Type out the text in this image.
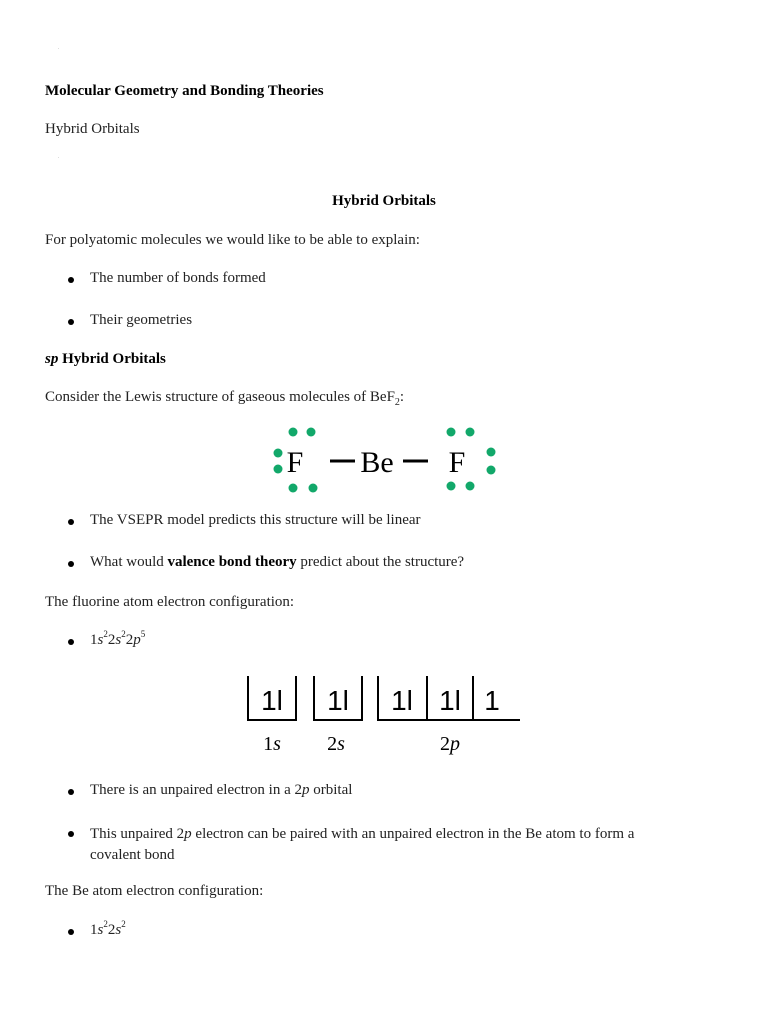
Molecular Geometry and Bonding Theories
Hybrid Orbitals
Hybrid Orbitals
For polyatomic molecules we would like to be able to explain:
The number of bonds formed
Their geometries
sp Hybrid Orbitals
Consider the Lewis structure of gaseous molecules of BeF$_2$:
F Be F
The VSEPR model predicts this structure will be linear
What would valence bond theory predict about the structure?
The fluorine atom electron configuration:
$1s^22s^22p^5$
1l 1l 1l 1l 1
1s 2s	2p
There is an unpaired electron in a 2p orbital
This unpaired 2p electron can be paired with an unpaired electron in the Be atom to form a
covalent bond
The Be atom electron configuration:
$1s^22s^2$
